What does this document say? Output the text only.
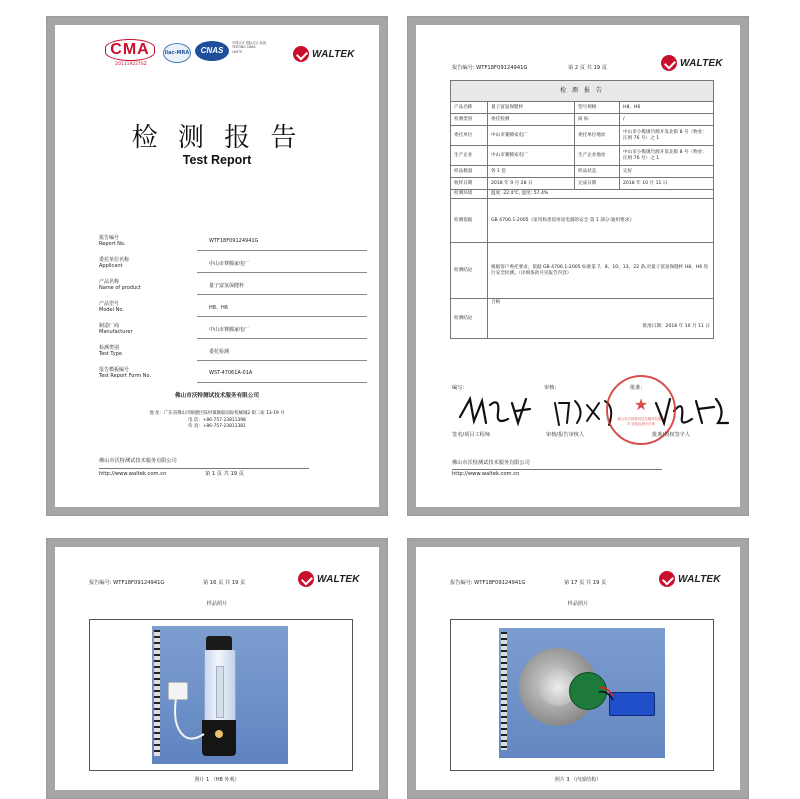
CMA
201119227SZ
ilac-MRA	CNAS
中国认可 国际互认 检测 TESTING CNAS L6979	WALTEK
检 测 报 告
Test Report
报告编号
Report No.	WTF18F09124941G
委托单位名称
Applicant	中山市赛腾家电厂
产品名称
Name of product	量子富氢保健杯
产品型号
Model No.	H8、H6
制造厂商
Manufacturer	中山市赛腾家电厂
检测类别
Test Type	委托检测
报告模板编号
Test Report Form No.	WST-47061A-01A
佛山市沃特测试技术服务有限公司
地 址：广东省佛山市顺德区陈村镇顺联国际机械城2 街二座 13-19 号
电 话：+86-757-23811398
传 真：+86-757-23811381
佛山市沃特测试技术服务有限公司
http://www.waltek.com.cn	第 1 页 共 19 页
报告编号: WTF18F09124941G	第 2 页 共 19 页	WALTEK
检 测 报 告
产品名称	量子富氢保健杯	型号规格	H8、H6
检测类别	委托检测	商 标	/
委托单位	中山市赛腾家电厂	委托单位地址	中山市小榄镇竹源开发北街 8 号（物业：汪炳 76 号）之 1
生产企业	中山市赛腾家电厂	生产企业地址	中山市小榄镇竹源开发北街 8 号（物业：汪炳 76 号）之 1
样品数量	各 1 套	样品状态	完好
收样日期	2018 年 9 月 28 日	完成日期	2018 年 10 月 11 日
检测环境	温度: 22.4℃, 湿度: 57.4%		
检测依据	GB 4706.1-2005《家用和类似用途电器的安全 第 1 部分:通用要求》		
检测结论	根据客户委托要求，依据 GB 4706.1-2005 标准第 7、8、10、13、22 条,对量子富氢保健杯 H8、H6 进行安全检测。（详细条款号见报告内容）		
检测结论	合格
批准日期：2018 年 10 月 11 日		
编写：	审核：	批准：
★
佛山市沃特测试技术服务有限公司 检验检测专用章
签名/项目工程师	审核/报告审核人	批准/授权签字人
佛山市沃特测试技术服务有限公司
http://www.waltek.com.cn
报告编号: WTF18F09124941G	第 16 页 共 19 页	WALTEK
样品照片
照片 1 （H8 外观）
报告编号: WTF18F09124941G	第 17 页 共 19 页	WALTEK
样品照片
照片 3 （内部结构）
